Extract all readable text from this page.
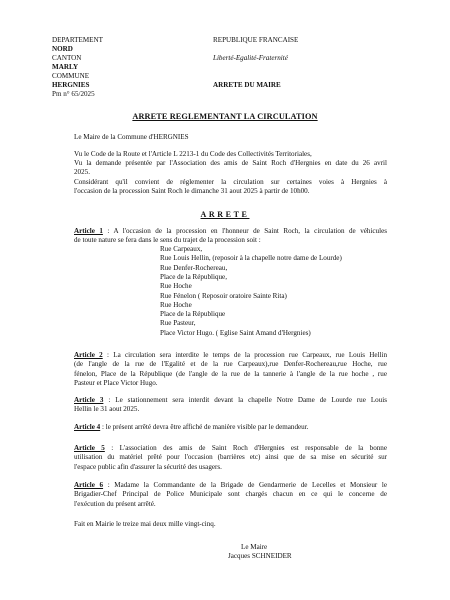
DEPARTEMENT
NORD
CANTON
MARLY
COMMUNE
HERGNIES
Pm n° 65/2025
REPUBLIQUE FRANCAISE
Liberté-Egalité-Fraternité
ARRETE DU MAIRE
ARRETE REGLEMENTANT LA CIRCULATION
Le Maire de la Commune d'HERGNIES
Vu le Code de la Route et l'Article L 2213-1 du Code des Collectivités Territoriales,
Vu la demande présentée par l'Association des amis de Saint Roch d'Hergnies en date du 26 avril
2025.
Considérant qu'il convient de réglementer la circulation sur certaines voies à Hergnies à
l'occasion de la procession Saint Roch le dimanche 31 aout 2025 à partir de 10h00.
ARRETE
Article 1 : A l'occasion de la procession en l'honneur de Saint Roch, la circulation de véhicules
de toute nature se fera dans le sens du trajet de la procession soit :
Rue Carpeaux,
Rue Louis Hellin, (reposoir à la chapelle notre dame de Lourde)
Rue Denfer-Rochereau,
Place de la République,
Rue Hoche
Rue Fénelon ( Reposoir oratoire Sainte Rita)
Rue Hoche
Place de la République
Rue Pasteur,
Place Victor Hugo. ( Eglise Saint Amand d'Hergnies)
Article 2 : La circulation sera interdite le temps de la procession rue Carpeaux, rue Louis Hellin
(de l'angle de la rue de l'Egalité et de la rue Carpeaux),rue Denfer-Rochereau,rue Hoche, rue
fénelon, Place de la République (de l'angle de la rue de la tannerie à l'angle de la rue hoche , rue
Pasteur et Place Victor Hugo.
Article 3 : Le stationnement sera interdit devant la chapelle Notre Dame de Lourde rue Louis
Hellin le 31 aout 2025.
Article 4 : le présent arrêté devra être affiché de manière visible par le demandeur.
Article 5 : L'association des amis de Saint Roch d'Hergnies est responsable de la bonne
utilisation du matériel prêté pour l'occasion (barrières etc) ainsi que de sa mise en sécurité sur
l'espace public afin d'assurer la sécurité des usagers.
Article 6 : Madame la Commandante de la Brigade de Gendarmerie de Lecelles et Monsieur le
Brigadier-Chef Principal de Police Municipale sont chargés chacun en ce qui le concerne de
l'exécution du présent arrêté.
Fait en Mairie le treize mai deux mille vingt-cinq.
Le Maire
Jacques SCHNEIDER
